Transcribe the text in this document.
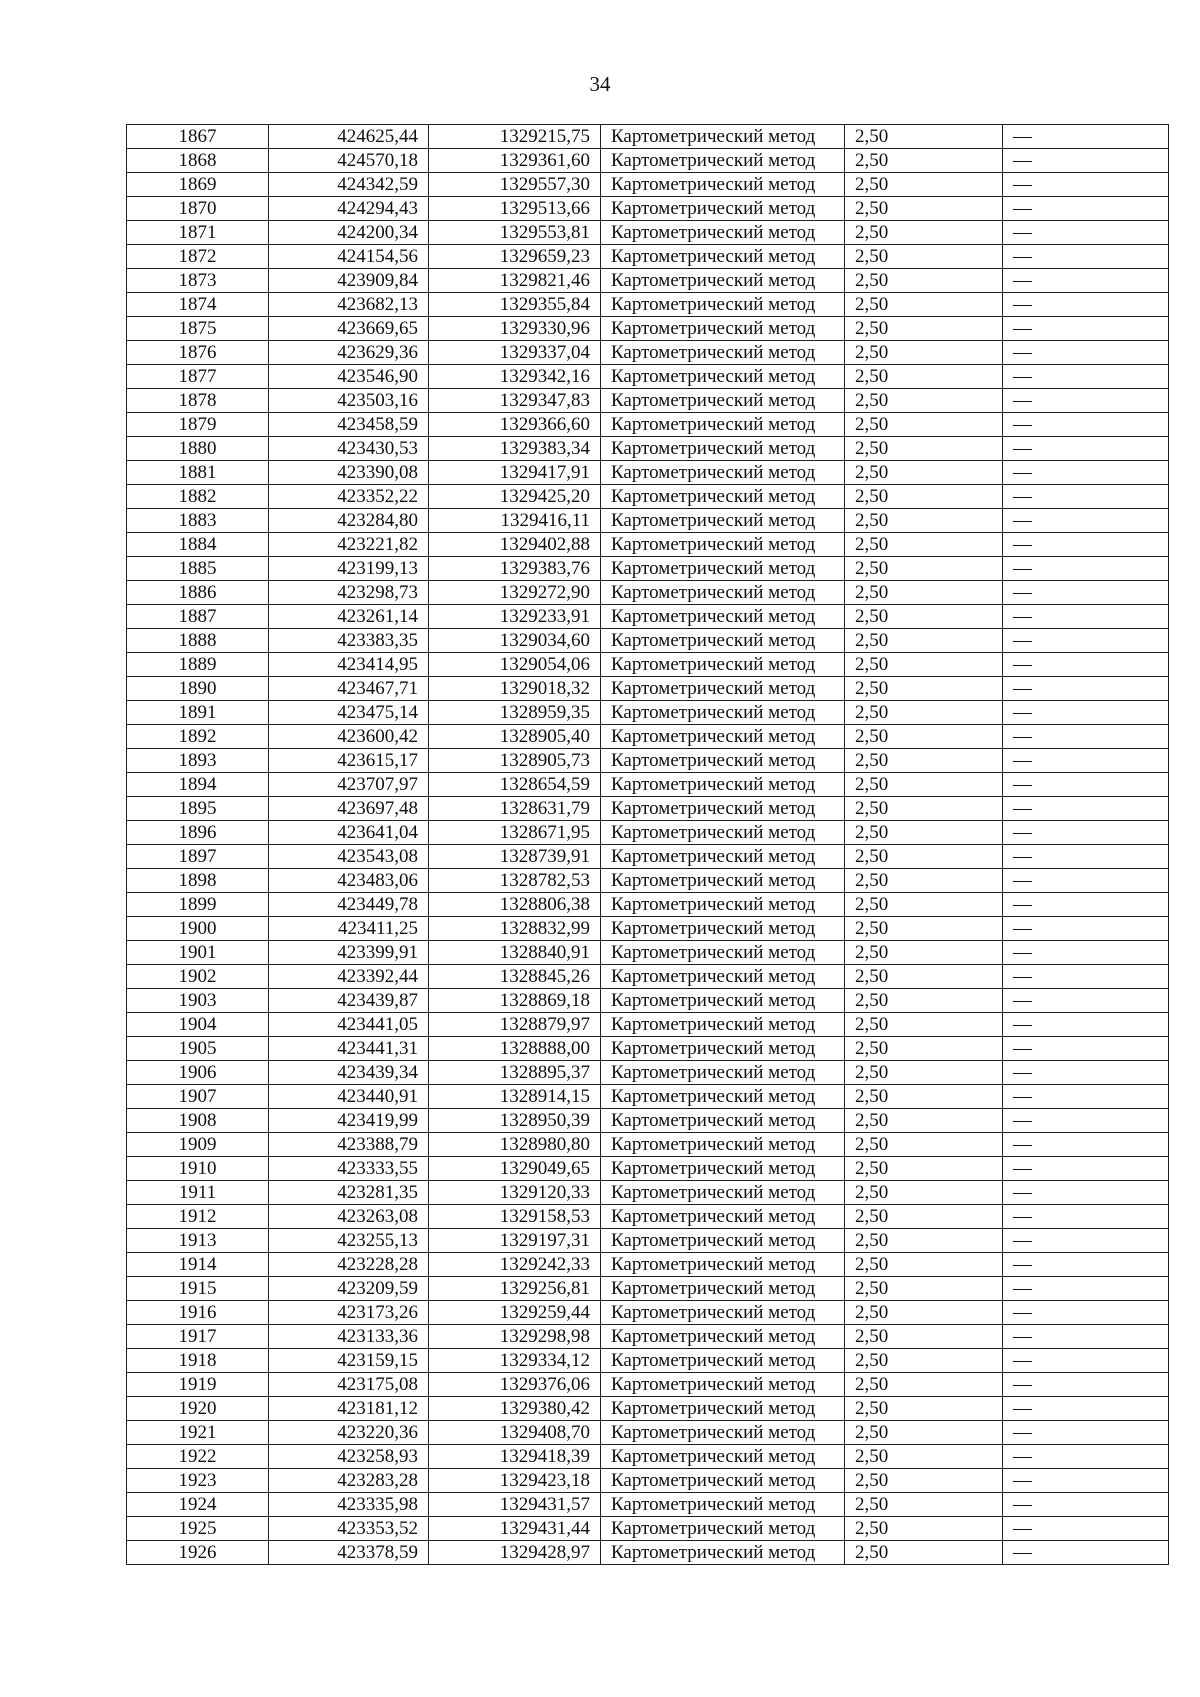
34
1867	424625,44	1329215,75	Картометрический метод	2,50	—
1868	424570,18	1329361,60	Картометрический метод	2,50	—
1869	424342,59	1329557,30	Картометрический метод	2,50	—
1870	424294,43	1329513,66	Картометрический метод	2,50	—
1871	424200,34	1329553,81	Картометрический метод	2,50	—
1872	424154,56	1329659,23	Картометрический метод	2,50	—
1873	423909,84	1329821,46	Картометрический метод	2,50	—
1874	423682,13	1329355,84	Картометрический метод	2,50	—
1875	423669,65	1329330,96	Картометрический метод	2,50	—
1876	423629,36	1329337,04	Картометрический метод	2,50	—
1877	423546,90	1329342,16	Картометрический метод	2,50	—
1878	423503,16	1329347,83	Картометрический метод	2,50	—
1879	423458,59	1329366,60	Картометрический метод	2,50	—
1880	423430,53	1329383,34	Картометрический метод	2,50	—
1881	423390,08	1329417,91	Картометрический метод	2,50	—
1882	423352,22	1329425,20	Картометрический метод	2,50	—
1883	423284,80	1329416,11	Картометрический метод	2,50	—
1884	423221,82	1329402,88	Картометрический метод	2,50	—
1885	423199,13	1329383,76	Картометрический метод	2,50	—
1886	423298,73	1329272,90	Картометрический метод	2,50	—
1887	423261,14	1329233,91	Картометрический метод	2,50	—
1888	423383,35	1329034,60	Картометрический метод	2,50	—
1889	423414,95	1329054,06	Картометрический метод	2,50	—
1890	423467,71	1329018,32	Картометрический метод	2,50	—
1891	423475,14	1328959,35	Картометрический метод	2,50	—
1892	423600,42	1328905,40	Картометрический метод	2,50	—
1893	423615,17	1328905,73	Картометрический метод	2,50	—
1894	423707,97	1328654,59	Картометрический метод	2,50	—
1895	423697,48	1328631,79	Картометрический метод	2,50	—
1896	423641,04	1328671,95	Картометрический метод	2,50	—
1897	423543,08	1328739,91	Картометрический метод	2,50	—
1898	423483,06	1328782,53	Картометрический метод	2,50	—
1899	423449,78	1328806,38	Картометрический метод	2,50	—
1900	423411,25	1328832,99	Картометрический метод	2,50	—
1901	423399,91	1328840,91	Картометрический метод	2,50	—
1902	423392,44	1328845,26	Картометрический метод	2,50	—
1903	423439,87	1328869,18	Картометрический метод	2,50	—
1904	423441,05	1328879,97	Картометрический метод	2,50	—
1905	423441,31	1328888,00	Картометрический метод	2,50	—
1906	423439,34	1328895,37	Картометрический метод	2,50	—
1907	423440,91	1328914,15	Картометрический метод	2,50	—
1908	423419,99	1328950,39	Картометрический метод	2,50	—
1909	423388,79	1328980,80	Картометрический метод	2,50	—
1910	423333,55	1329049,65	Картометрический метод	2,50	—
1911	423281,35	1329120,33	Картометрический метод	2,50	—
1912	423263,08	1329158,53	Картометрический метод	2,50	—
1913	423255,13	1329197,31	Картометрический метод	2,50	—
1914	423228,28	1329242,33	Картометрический метод	2,50	—
1915	423209,59	1329256,81	Картометрический метод	2,50	—
1916	423173,26	1329259,44	Картометрический метод	2,50	—
1917	423133,36	1329298,98	Картометрический метод	2,50	—
1918	423159,15	1329334,12	Картометрический метод	2,50	—
1919	423175,08	1329376,06	Картометрический метод	2,50	—
1920	423181,12	1329380,42	Картометрический метод	2,50	—
1921	423220,36	1329408,70	Картометрический метод	2,50	—
1922	423258,93	1329418,39	Картометрический метод	2,50	—
1923	423283,28	1329423,18	Картометрический метод	2,50	—
1924	423335,98	1329431,57	Картометрический метод	2,50	—
1925	423353,52	1329431,44	Картометрический метод	2,50	—
1926	423378,59	1329428,97	Картометрический метод	2,50	—
